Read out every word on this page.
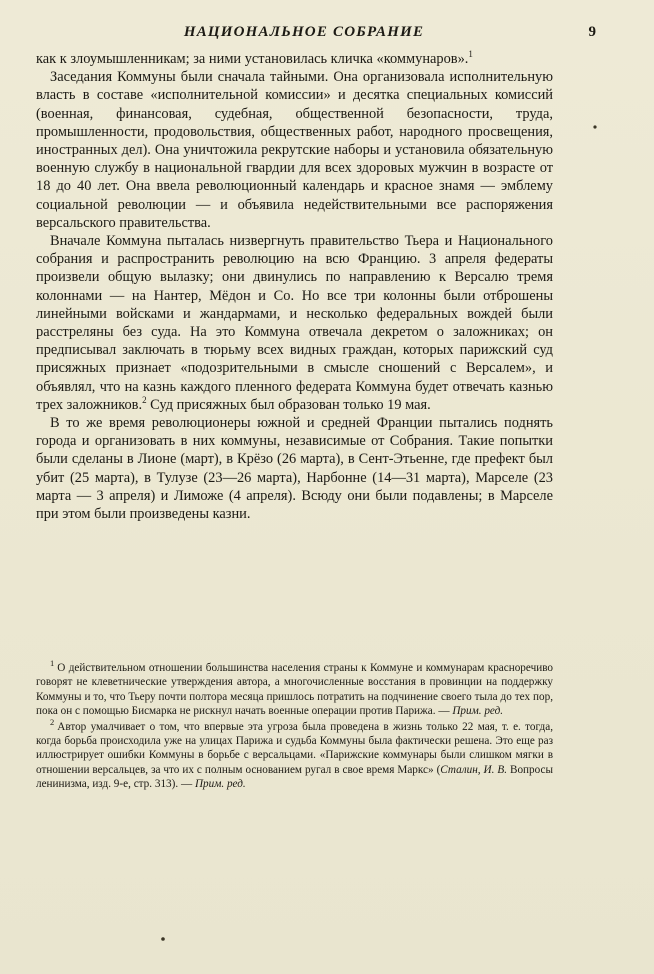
НАЦИОНАЛЬНОЕ СОБРАНИЕ	9

как к злоумышленникам; за ними установилась кличка «коммунаров».$^1$

Заседания Коммуны были сначала тайными. Она организовала исполнительную власть в составе «исполнительной комиссии» и десятка специальных комиссий (военная, финансовая, судебная, общественной безопасности, труда, промышленности, продовольствия, общественных работ, народного просвещения, иностранных дел). Она уничтожила рекрутские наборы и установила обязательную военную службу в национальной гвардии для всех здоровых мужчин в возрасте от 18 до 40 лет. Она ввела революционный календарь и красное знамя — эмблему социальной революции — и объявила недействительными все распоряжения версальского правительства.

Вначале Коммуна пыталась низвергнуть правительство Тьера и Национального собрания и распространить революцию на всю Францию. 3 апреля федераты произвели общую вылазку; они двинулись по направлению к Версалю тремя колоннами — на Нантер, Мёдон и Со. Но все три колонны были отброшены линейными войсками и жандармами, и несколько федеральных вождей были расстреляны без суда. На это Коммуна отвечала декретом о заложниках; он предписывал заключать в тюрьму всех видных граждан, которых парижский суд присяжных признает «подозрительными в смысле сношений с Версалем», и объявлял, что на казнь каждого пленного федерата Коммуна будет отвечать казнью трех заложников.$^2$ Суд присяжных был образован только 19 мая.

В то же время революционеры южной и средней Франции пытались поднять города и организовать в них коммуны, независимые от Собрания. Такие попытки были сделаны в Лионе (март), в Крёзо (26 марта), в Сент-Этьенне, где префект был убит (25 марта), в Тулузе (23—26 марта), Нарбонне (14—31 марта), Марселе (23 марта — 3 апреля) и Лиможе (4 апреля). Всюду они были подавлены; в Марселе при этом были произведены казни.

$^1$ О действительном отношении большинства населения страны к Коммуне и коммунарам красноречиво говорят не клеветнические утверждения автора, а многочисленные восстания в провинции на поддержку Коммуны и то, что Тьеру почти полтора месяца пришлось потратить на подчинение своего тыла до тех пор, пока он с помощью Бисмарка не рискнул начать военные операции против Парижа. — Прим. ред.

$^2$ Автор умалчивает о том, что впервые эта угроза была проведена в жизнь только 22 мая, т. е. тогда, когда борьба происходила уже на улицах Парижа и судьба Коммуны была фактически решена. Это еще раз иллюстрирует ошибки Коммуны в борьбе с версальцами. «Парижские коммунары были слишком мягки в отношении версальцев, за что их с полным основанием ругал в свое время Маркс» (Сталин, И. В. Вопросы ленинизма, изд. 9-е, стр. 313). — Прим. ред.
